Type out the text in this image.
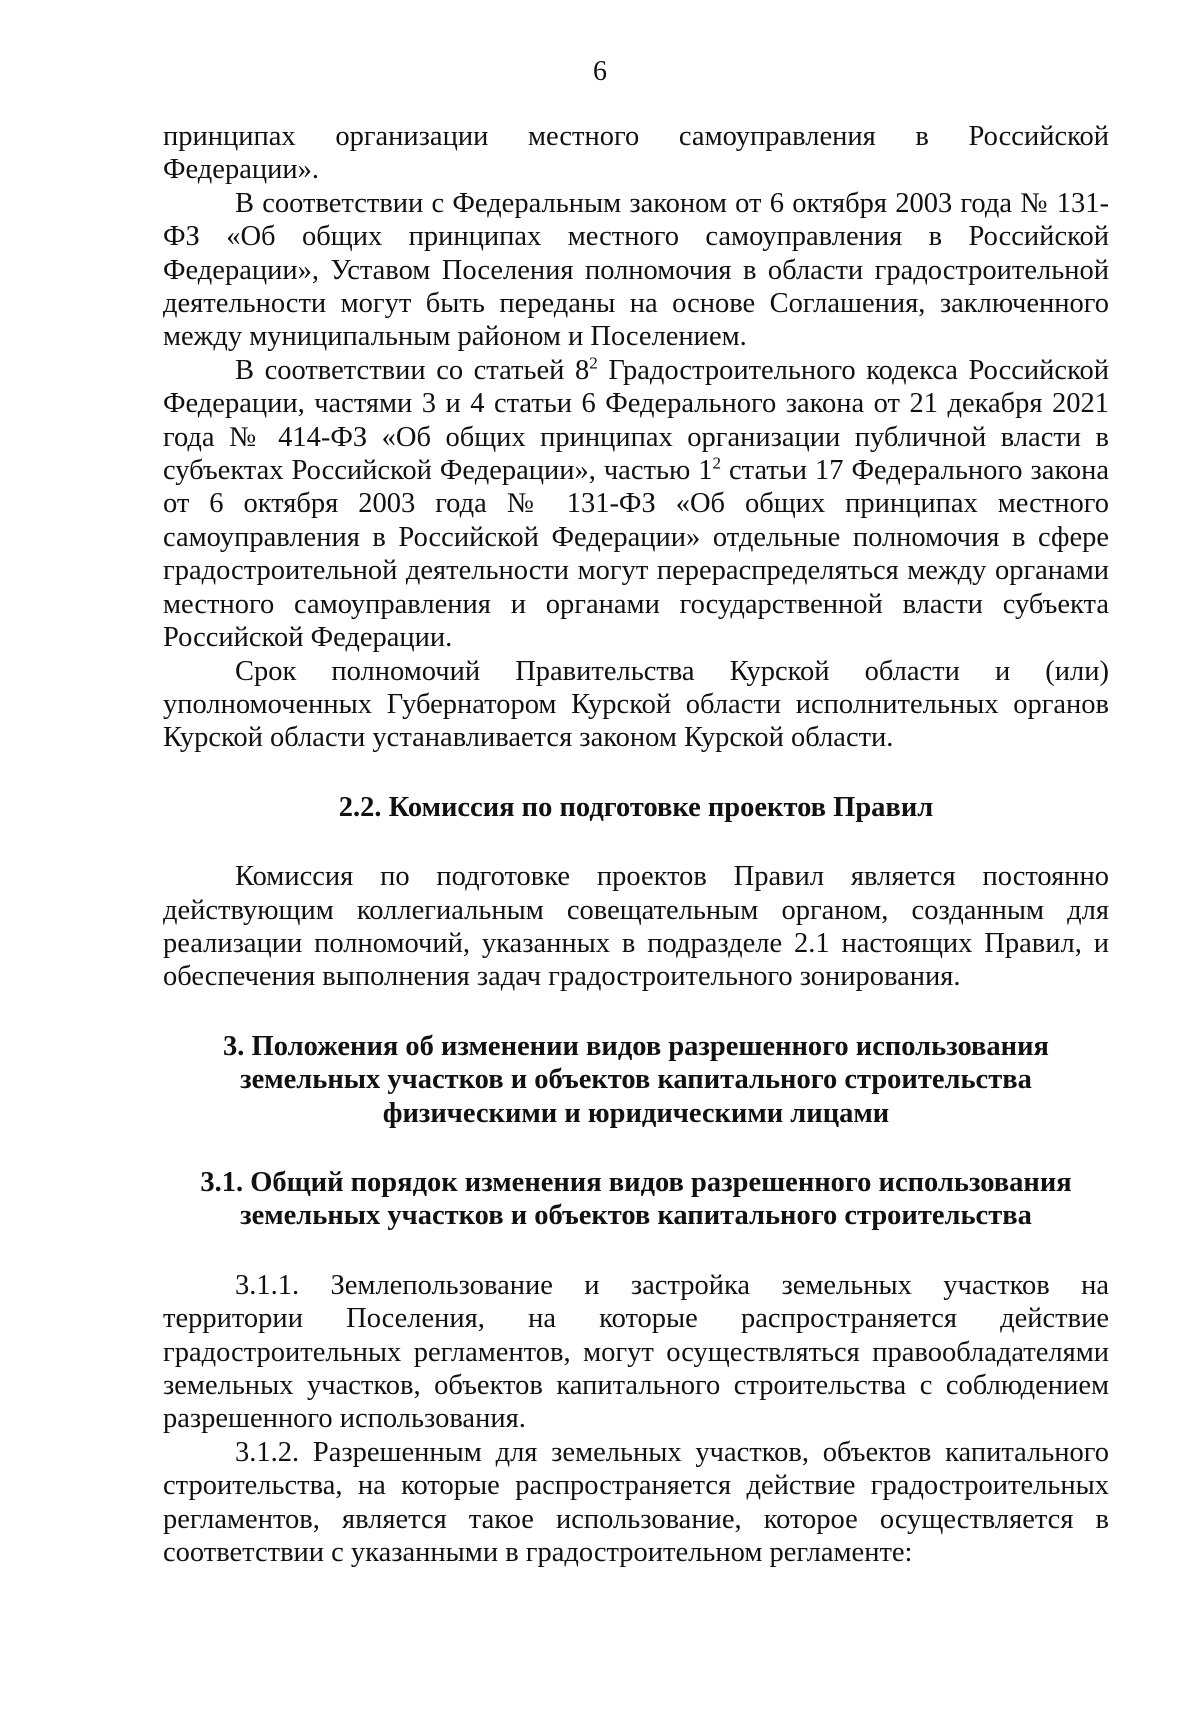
6

принципах организации местного самоуправления в Российской Федерации».

В соответствии с Федеральным законом от 6 октября 2003 года № 131-ФЗ «Об общих принципах местного самоуправления в Российской Федерации», Уставом Поселения полномочия в области градостроительной деятельности могут быть переданы на основе Соглашения, заключенного между муниципальным районом и Поселением.

В соответствии со статьей $8^2$ Градостроительного кодекса Российской Федерации, частями 3 и 4 статьи 6 Федерального закона от 21 декабря 2021 года № 414-ФЗ «Об общих принципах организации публичной власти в субъектах Российской Федерации», частью $1^2$ статьи 17 Федерального закона от 6 октября 2003 года № 131-ФЗ «Об общих принципах местного самоуправления в Российской Федерации» отдельные полномочия в сфере градостроительной деятельности могут перераспределяться между органами местного самоуправления и органами государственной власти субъекта Российской Федерации.

Срок полномочий Правительства Курской области и (или) уполномоченных Губернатором Курской области исполнительных органов Курской области устанавливается законом Курской области.

2.2. Комиссия по подготовке проектов Правил

Комиссия по подготовке проектов Правил является постоянно действующим коллегиальным совещательным органом, созданным для реализации полномочий, указанных в подразделе 2.1 настоящих Правил, и обеспечения выполнения задач градостроительного зонирования.

3. Положения об изменении видов разрешенного использования
земельных участков и объектов капитального строительства
физическими и юридическими лицами
3.1. Общий порядок изменения видов разрешенного использования
земельных участков и объектов капитального строительства

3.1.1. Землепользование и застройка земельных участков на территории Поселения, на которые распространяется действие градостроительных регламентов, могут осуществляться правообладателями земельных участков, объектов капитального строительства с соблюдением разрешенного использования.

3.1.2. Разрешенным для земельных участков, объектов капитального строительства, на которые распространяется действие градостроительных регламентов, является такое использование, которое осуществляется в соответствии с указанными в градостроительном регламенте:
